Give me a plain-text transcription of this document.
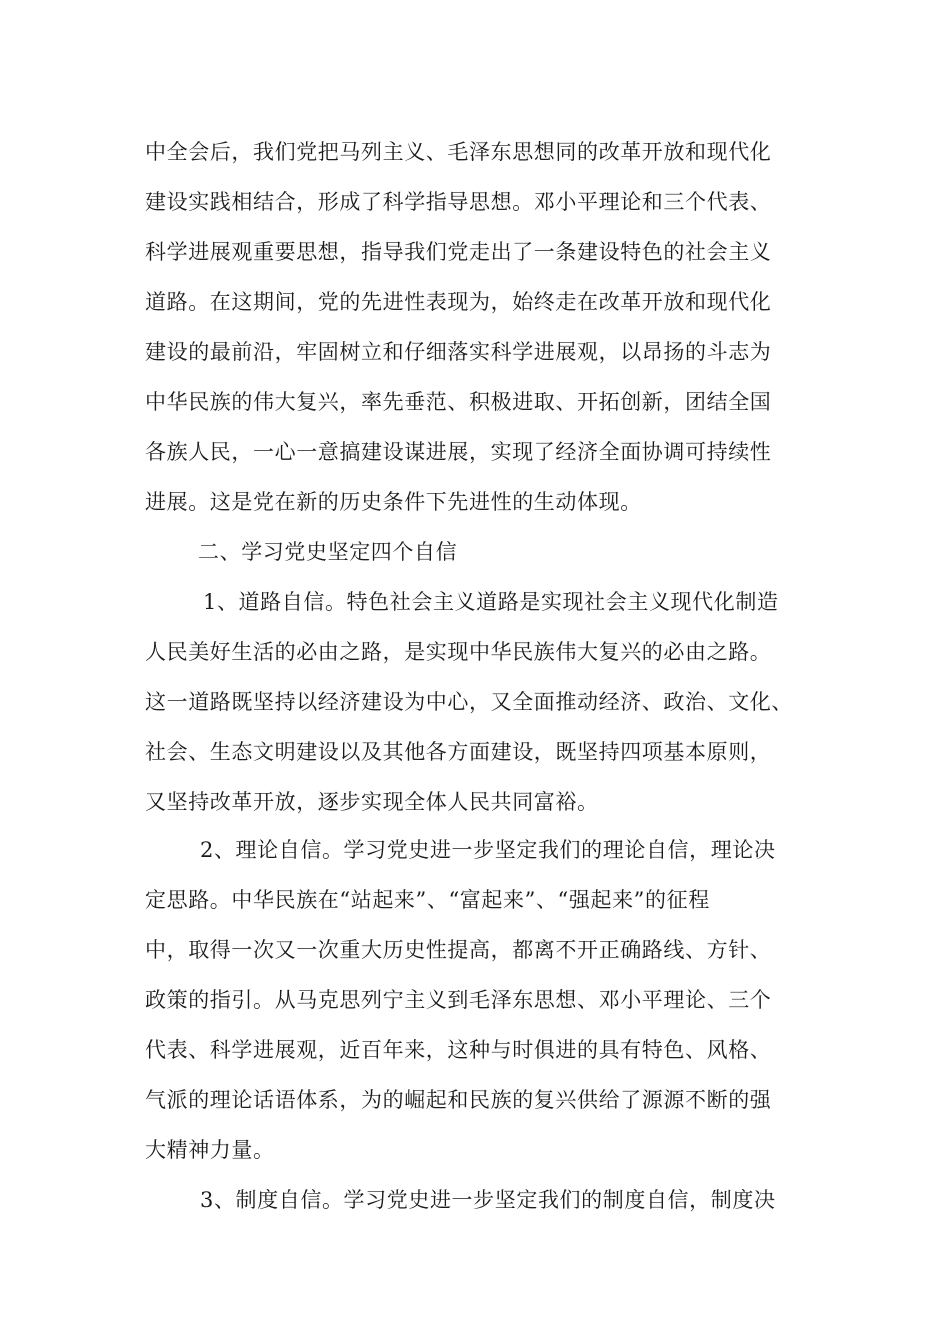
中全会后，我们党把马列主义、毛泽东思想同的改革开放和现代化
建设实践相结合，形成了科学指导思想。邓小平理论和三个代表、
科学进展观重要思想，指导我们党走出了一条建设特色的社会主义
道路。在这期间，党的先进性表现为，始终走在改革开放和现代化
建设的最前沿，牢固树立和仔细落实科学进展观，以昂扬的斗志为
中华民族的伟大复兴，率先垂范、积极进取、开拓创新，团结全国
各族人民，一心一意搞建设谋进展，实现了经济全面协调可持续性
进展。这是党在新的历史条件下先进性的生动体现。
二、学习党史坚定四个自信
1、道路自信。特色社会主义道路是实现社会主义现代化制造
人民美好生活的必由之路，是实现中华民族伟大复兴的必由之路。
这一道路既坚持以经济建设为中心，又全面推动经济、政治、文化、
社会、生态文明建设以及其他各方面建设，既坚持四项基本原则，
又坚持改革开放，逐步实现全体人民共同富裕。
2、理论自信。学习党史进一步坚定我们的理论自信，理论决
定思路。中华民族在“站起来”、“富起来”、“强起来”的征程
中，取得一次又一次重大历史性提高，都离不开正确路线、方针、
政策的指引。从马克思列宁主义到毛泽东思想、邓小平理论、三个
代表、科学进展观，近百年来，这种与时俱进的具有特色、风格、
气派的理论话语体系，为的崛起和民族的复兴供给了源源不断的强
大精神力量。
3、制度自信。学习党史进一步坚定我们的制度自信，制度决
